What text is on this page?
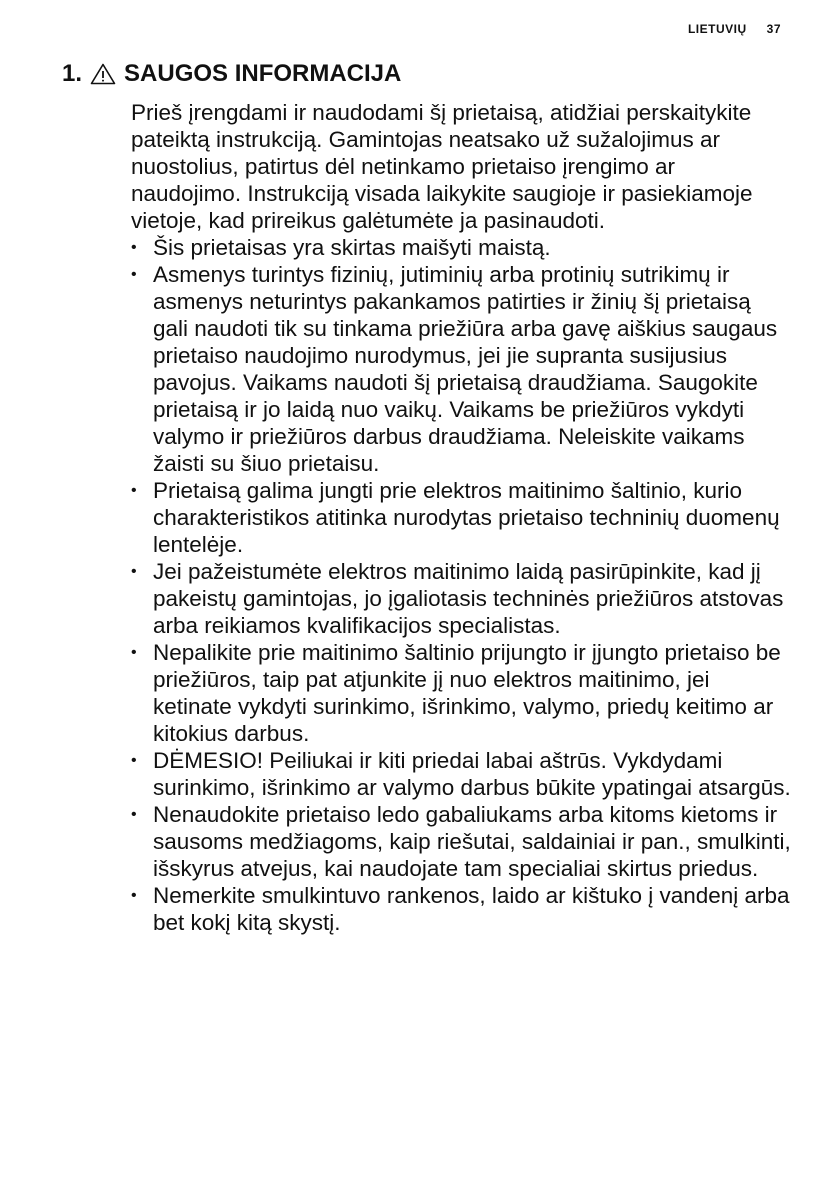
LIETUVIŲ 37
1. SAUGOS INFORMACIJA

Prieš įrengdami ir naudodami šį prietaisą, atidžiai perskaitykite pateiktą instrukciją. Gamintojas neatsako už sužalojimus ar nuostolius, patirtus dėl netinkamo prietaiso įrengimo ar naudojimo. Instrukciją visada laikykite saugioje ir pasiekiamoje vietoje, kad prireikus galėtumėte ja pasinaudoti.

• Šis prietaisas yra skirtas maišyti maistą.
• Asmenys turintys fizinių, jutiminių arba protinių sutrikimų ir asmenys neturintys pakankamos patirties ir žinių šį prietaisą gali naudoti tik su tinkama priežiūra arba gavę aiškius saugaus prietaiso naudojimo nurodymus, jei jie supranta susijusius pavojus. Vaikams naudoti šį prietaisą draudžiama. Saugokite prietaisą ir jo laidą nuo vaikų. Vaikams be priežiūros vykdyti valymo ir priežiūros darbus draudžiama. Neleiskite vaikams žaisti su šiuo prietaisu.
• Prietaisą galima jungti prie elektros maitinimo šaltinio, kurio charakteristikos atitinka nurodytas prietaiso techninių duomenų lentelėje.
• Jei pažeistumėte elektros maitinimo laidą pasirūpinkite, kad jį pakeistų gamintojas, jo įgaliotasis techninės priežiūros atstovas arba reikiamos kvalifikacijos specialistas.
• Nepalikite prie maitinimo šaltinio prijungto ir įjungto prietaiso be priežiūros, taip pat atjunkite jį nuo elektros maitinimo, jei ketinate vykdyti surinkimo, išrinkimo, valymo, priedų keitimo ar kitokius darbus.
• DĖMESIO! Peiliukai ir kiti priedai labai aštrūs. Vykdydami surinkimo, išrinkimo ar valymo darbus būkite ypatingai atsargūs.
• Nenaudokite prietaiso ledo gabaliukams arba kitoms kietoms ir sausoms medžiagoms, kaip riešutai, saldainiai ir pan., smulkinti, išskyrus atvejus, kai naudojate tam specialiai skirtus priedus.
• Nemerkite smulkintuvo rankenos, laido ar kištuko į vandenį arba bet kokį kitą skystį.
